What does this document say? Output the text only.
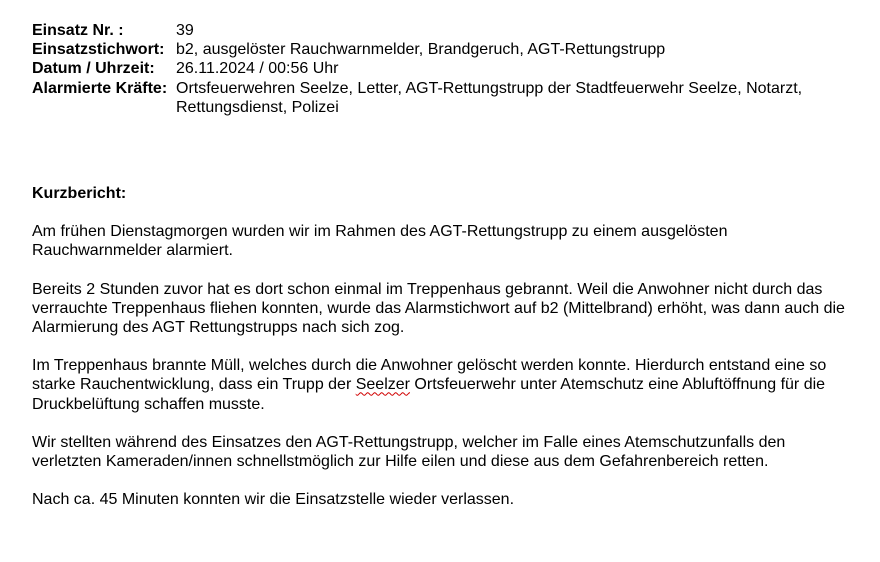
Einsatz Nr. :	39
Einsatzstichwort: b2, ausgelöster Rauchwarnmelder, Brandgeruch, AGT-Rettungstrupp
Datum / Uhrzeit:	26.11.2024 / 00:56 Uhr
Alarmierte Kräfte: Ortsfeuerwehren Seelze, Letter, AGT-Rettungstrupp der Stadtfeuerwehr Seelze, Notarzt, Rettungsdienst, Polizei

Kurzbericht:

Am frühen Dienstagmorgen wurden wir im Rahmen des AGT-Rettungstrupp zu einem ausgelösten Rauchwarnmelder alarmiert.

Bereits 2 Stunden zuvor hat es dort schon einmal im Treppenhaus gebrannt. Weil die Anwohner nicht durch das verrauchte Treppenhaus fliehen konnten, wurde das Alarmstichwort auf b2 (Mittelbrand) erhöht, was dann auch die Alarmierung des AGT Rettungstrupps nach sich zog.

Im Treppenhaus brannte Müll, welches durch die Anwohner gelöscht werden konnte. Hierdurch entstand eine so starke Rauchentwicklung, dass ein Trupp der Seelzer Ortsfeuerwehr unter Atemschutz eine Abluftöffnung für die Druckbelüftung schaffen musste.

Wir stellten während des Einsatzes den AGT-Rettungstrupp, welcher im Falle eines Atemschutzunfalls den verletzten Kameraden/innen schnellstmöglich zur Hilfe eilen und diese aus dem Gefahrenbereich retten.

Nach ca. 45 Minuten konnten wir die Einsatzstelle wieder verlassen.
